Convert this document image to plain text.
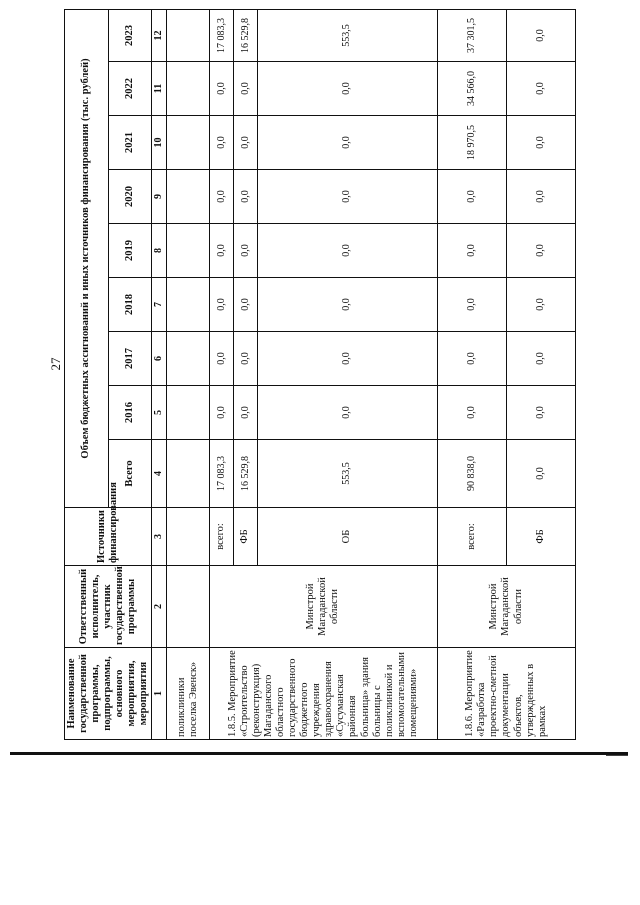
27
Наименование государственной программы, подпрограммы, основного мероприятия, мероприятия	Ответственный исполнитель, участник государственной программы	Источники финансирования	Объем бюджетных ассигнований и иных источников финансирования (тыс. рублей)								
			Всего	2016	2017	2018	2019	2020	2021	2022	2023
1	2	3	4	5	6	7	8	9	10	11	12
поликлиники поселка Эвенск»											
1.8.5. Мероприятие «Строительство (реконструкция) Магаданского областного государственного бюджетного учреждения здравоохранения «Сусуманская районная больница» здания больницы с поликлиникой и вспомогательными помещениями»	Минстрой Магаданской области	всего:	17 083,3	0,0	0,0	0,0	0,0	0,0	0,0	0,0	17 083,3
		ФБ	16 529,8	0,0	0,0	0,0	0,0	0,0	0,0	0,0	16 529,8
		ОБ	553,5	0,0	0,0	0,0	0,0	0,0	0,0	0,0	553,5
1.8.6. Мероприятие «Разработка проектно-сметной документации объектов, утвержденных в рамках	Минстрой Магаданской области	всего:	90 838,0	0,0	0,0	0,0	0,0	0,0	18 970,5	34 566,0	37 301,5
		ФБ	0,0	0,0	0,0	0,0	0,0	0,0	0,0	0,0	0,0
